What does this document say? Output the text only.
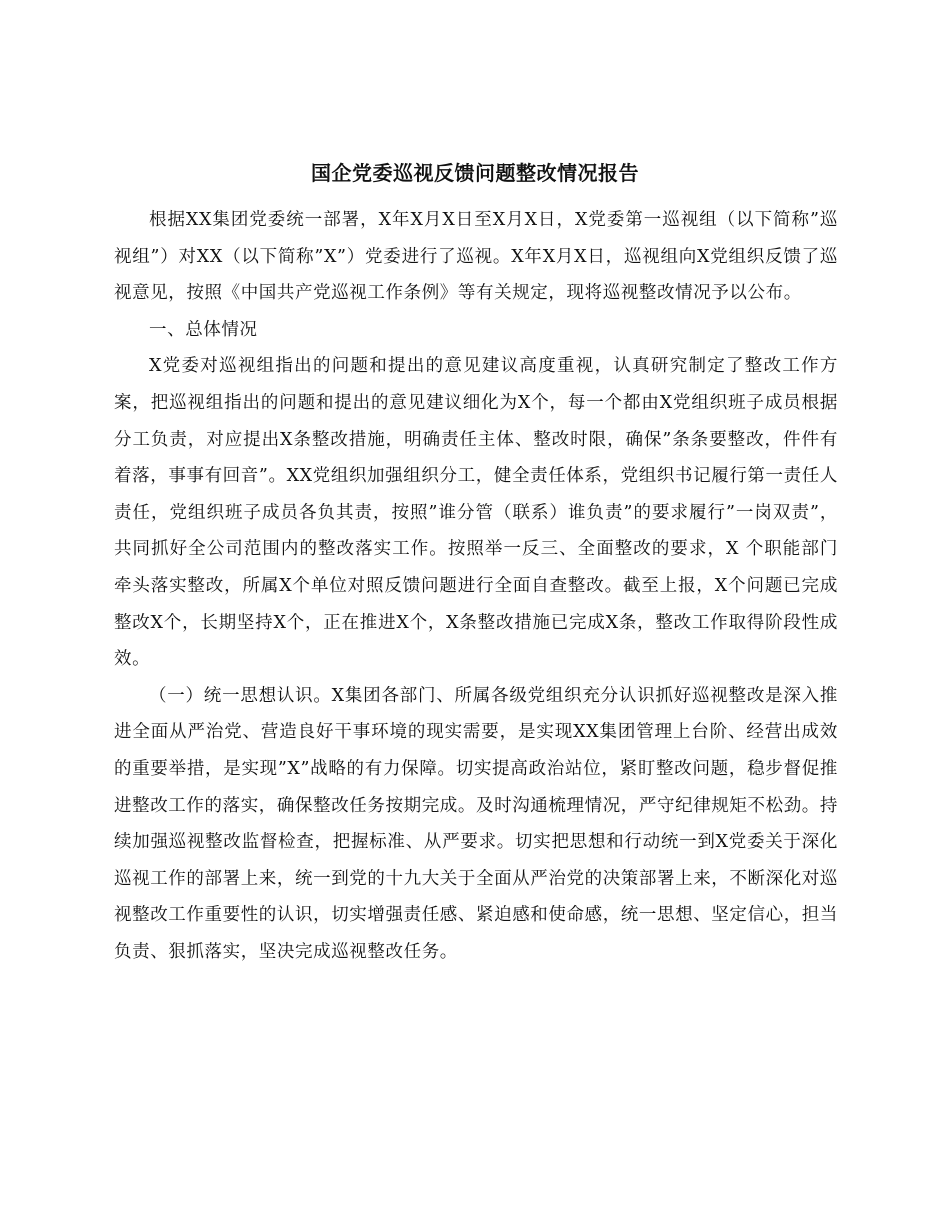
国企党委巡视反馈问题整改情况报告

根据XX集团党委统一部署，X年X月X日至X月X日，X党委第一巡视组（以下简称”巡视组”）对XX（以下简称”X”）党委进行了巡视。X年X月X日，巡视组向X党组织反馈了巡视意见，按照《中国共产党巡视工作条例》等有关规定，现将巡视整改情况予以公布。

一、总体情况

X党委对巡视组指出的问题和提出的意见建议高度重视，认真研究制定了整改工作方案，把巡视组指出的问题和提出的意见建议细化为X个，每一个都由X党组织班子成员根据分工负责，对应提出X条整改措施，明确责任主体、整改时限，确保”条条要整改，件件有着落，事事有回音”。XX党组织加强组织分工，健全责任体系，党组织书记履行第一责任人责任，党组织班子成员各负其责，按照”谁分管（联系）谁负责”的要求履行”一岗双责”，共同抓好全公司范围内的整改落实工作。按照举一反三、全面整改的要求，X 个职能部门牵头落实整改，所属X个单位对照反馈问题进行全面自查整改。截至上报，X个问题已完成整改X个，长期坚持X个，正在推进X个，X条整改措施已完成X条，整改工作取得阶段性成效。

（一）统一思想认识。X集团各部门、所属各级党组织充分认识抓好巡视整改是深入推进全面从严治党、营造良好干事环境的现实需要，是实现XX集团管理上台阶、经营出成效的重要举措，是实现”X”战略的有力保障。切实提高政治站位，紧盯整改问题，稳步督促推进整改工作的落实，确保整改任务按期完成。及时沟通梳理情况，严守纪律规矩不松劲。持续加强巡视整改监督检查，把握标准、从严要求。切实把思想和行动统一到X党委关于深化巡视工作的部署上来，统一到党的十九大关于全面从严治党的决策部署上来，不断深化对巡视整改工作重要性的认识，切实增强责任感、紧迫感和使命感，统一思想、坚定信心，担当负责、狠抓落实，坚决完成巡视整改任务。
